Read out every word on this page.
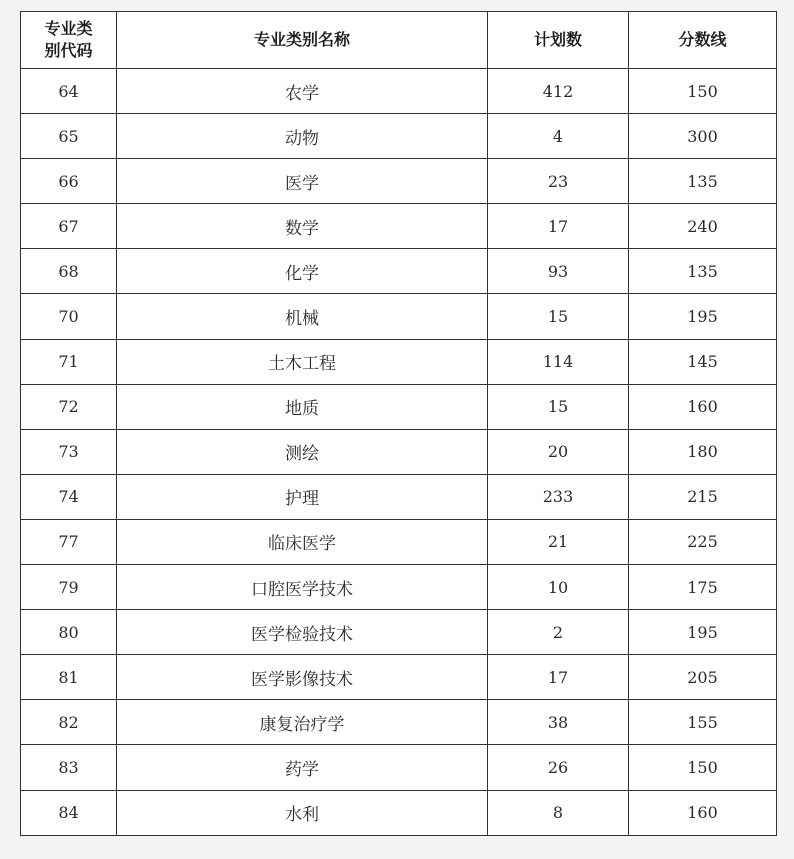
专业类别代码	专业类别名称	计划数	分数线
64	农学	412	150
65	动物	4	300
66	医学	23	135
67	数学	17	240
68	化学	93	135
70	机械	15	195
71	土木工程	114	145
72	地质	15	160
73	测绘	20	180
74	护理	233	215
77	临床医学	21	225
79	口腔医学技术	10	175
80	医学检验技术	2	195
81	医学影像技术	17	205
82	康复治疗学	38	155
83	药学	26	150
84	水利	8	160
